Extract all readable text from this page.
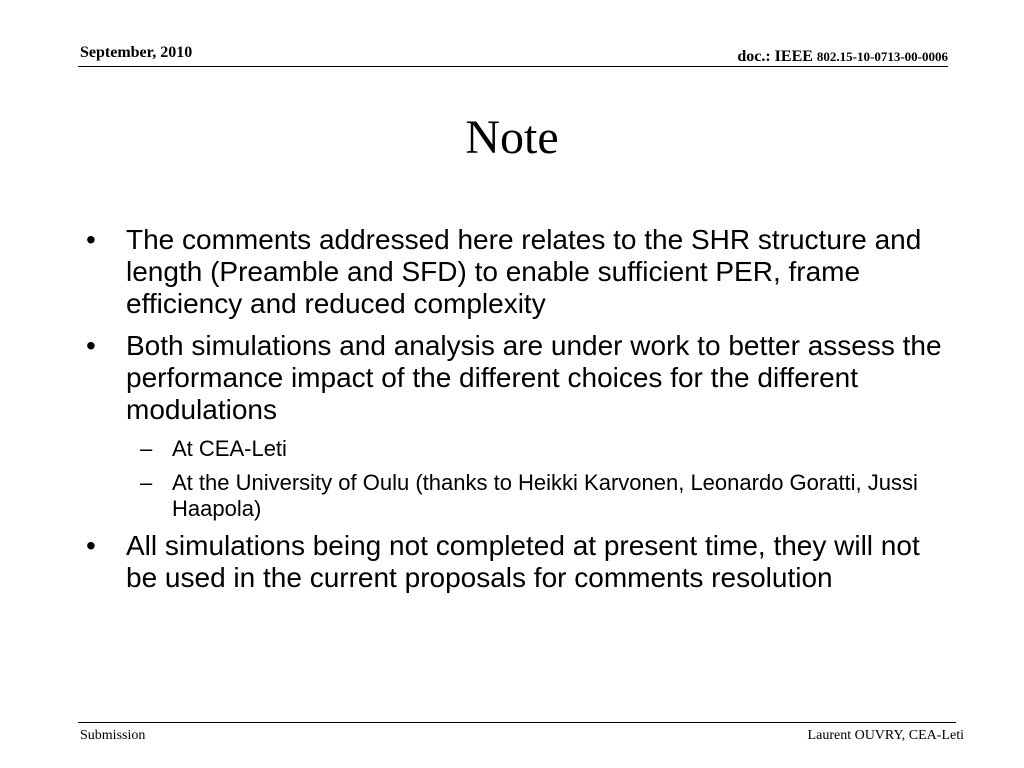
September, 2010	doc.: IEEE 802.15-10-0713-00-0006
Note
•	The comments addressed here relates to the SHR structure and length (Preamble and SFD) to enable sufficient PER, frame efficiency and reduced complexity
•	Both simulations and analysis are under work to better assess the performance impact of the different choices for the different modulations
– At CEA-Leti
– At the University of Oulu (thanks to Heikki Karvonen, Leonardo Goratti, Jussi Haapola)
•	All simulations being not completed at present time, they will not be used in the current proposals for comments resolution
Submission	Laurent OUVRY, CEA-Leti
